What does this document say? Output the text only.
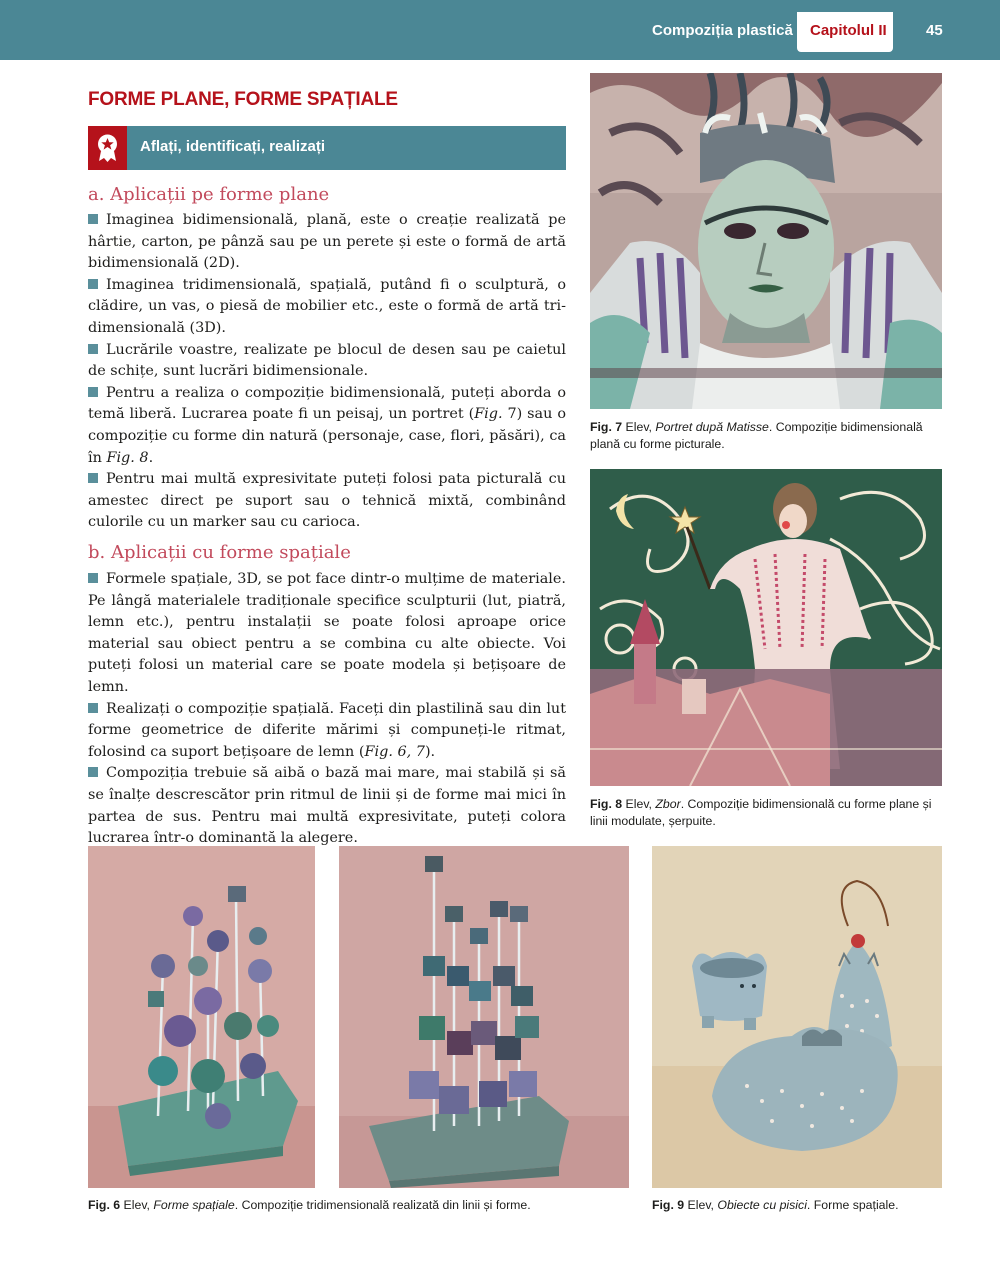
Compoziția plastică Capitolul II	45
FORME PLANE, FORME SPAȚIALE
Aflați, identificați, realizați
a. Aplicații pe forme plane

Imaginea bidimensională, plană, este o creație realizată pe hârtie, carton, pe pânză sau pe un perete și este o formă de artă bidimensională (2D).

Imaginea tridimensională, spațială, putând fi o sculptură, o clădire, un vas, o piesă de mobilier etc., este o formă de artă tridimensională (3D).

Lucrările voastre, realizate pe blocul de desen sau pe caietul de schițe, sunt lucrări bidimensionale.

Pentru a realiza o compoziție bidimensională, puteți aborda o temă liberă. Lucrarea poate fi un peisaj, un portret (Fig. 7) sau o compoziție cu forme din natură (personaje, case, flori, păsări), ca în Fig. 8.

Pentru mai multă expresivitate puteți folosi pata picturală cu amestec direct pe suport sau o tehnică mixtă, combinând culorile cu un marker sau cu carioca.

b. Aplicații cu forme spațiale

Formele spațiale, 3D, se pot face dintr-o mulțime de materiale. Pe lângă materialele tradiționale specifice sculpturii (lut, piatră, lemn etc.), pentru instalații se poate folosi aproape orice material sau obiect pentru a se combina cu alte obiecte. Voi puteți folosi un material care se poate modela și bețișoare de lemn.

Realizați o compoziție spațială. Faceți din plastilină sau din lut forme geometrice de diferite mărimi și compuneți-le ritmat, folosind ca suport bețișoare de lemn (Fig. 6, 7).

Compoziția trebuie să aibă o bază mai mare, mai stabilă și să se înalțe descrescător prin ritmul de linii și de forme mai mici în partea de sus. Pentru mai multă expresivitate, puteți colora lucrarea într-o dominantă la alegere.

Fig. 7 Elev, Portret după Matisse. Compoziție bidimensională plană cu forme picturale.
Fig. 8 Elev, Zbor. Compoziție bidimensională cu forme plane și linii modulate, șerpuite.
Fig. 6 Elev, Forme spațiale. Compoziție tridimensională realizată din linii și forme.	Fig. 9 Elev, Obiecte cu pisici. Forme spațiale.
